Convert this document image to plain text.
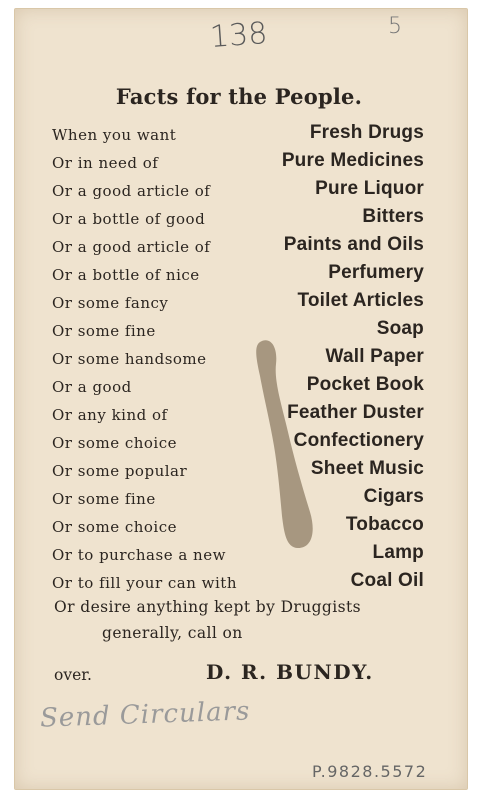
138	5
Facts for the People.
When you want	Fresh Drugs
Or in need of	Pure Medicines
Or a good article of	Pure Liquor
Or a bottle of good	Bitters
Or a good article of	Paints and Oils
Or a bottle of nice	Perfumery
Or some fancy	Toilet Articles
Or some fine	Soap
Or some handsome	Wall Paper
Or a good	Pocket Book
Or any kind of	Feather Duster
Or some choice	Confectionery
Or some popular	Sheet Music
Or some fine	Cigars
Or some choice	Tobacco
Or to purchase a new	Lamp
Or to fill your can with	Coal Oil
Or desire anything kept by Druggists
generally, call on
over.	D. R. BUNDY.
Send Circulars
P.9828.5572
